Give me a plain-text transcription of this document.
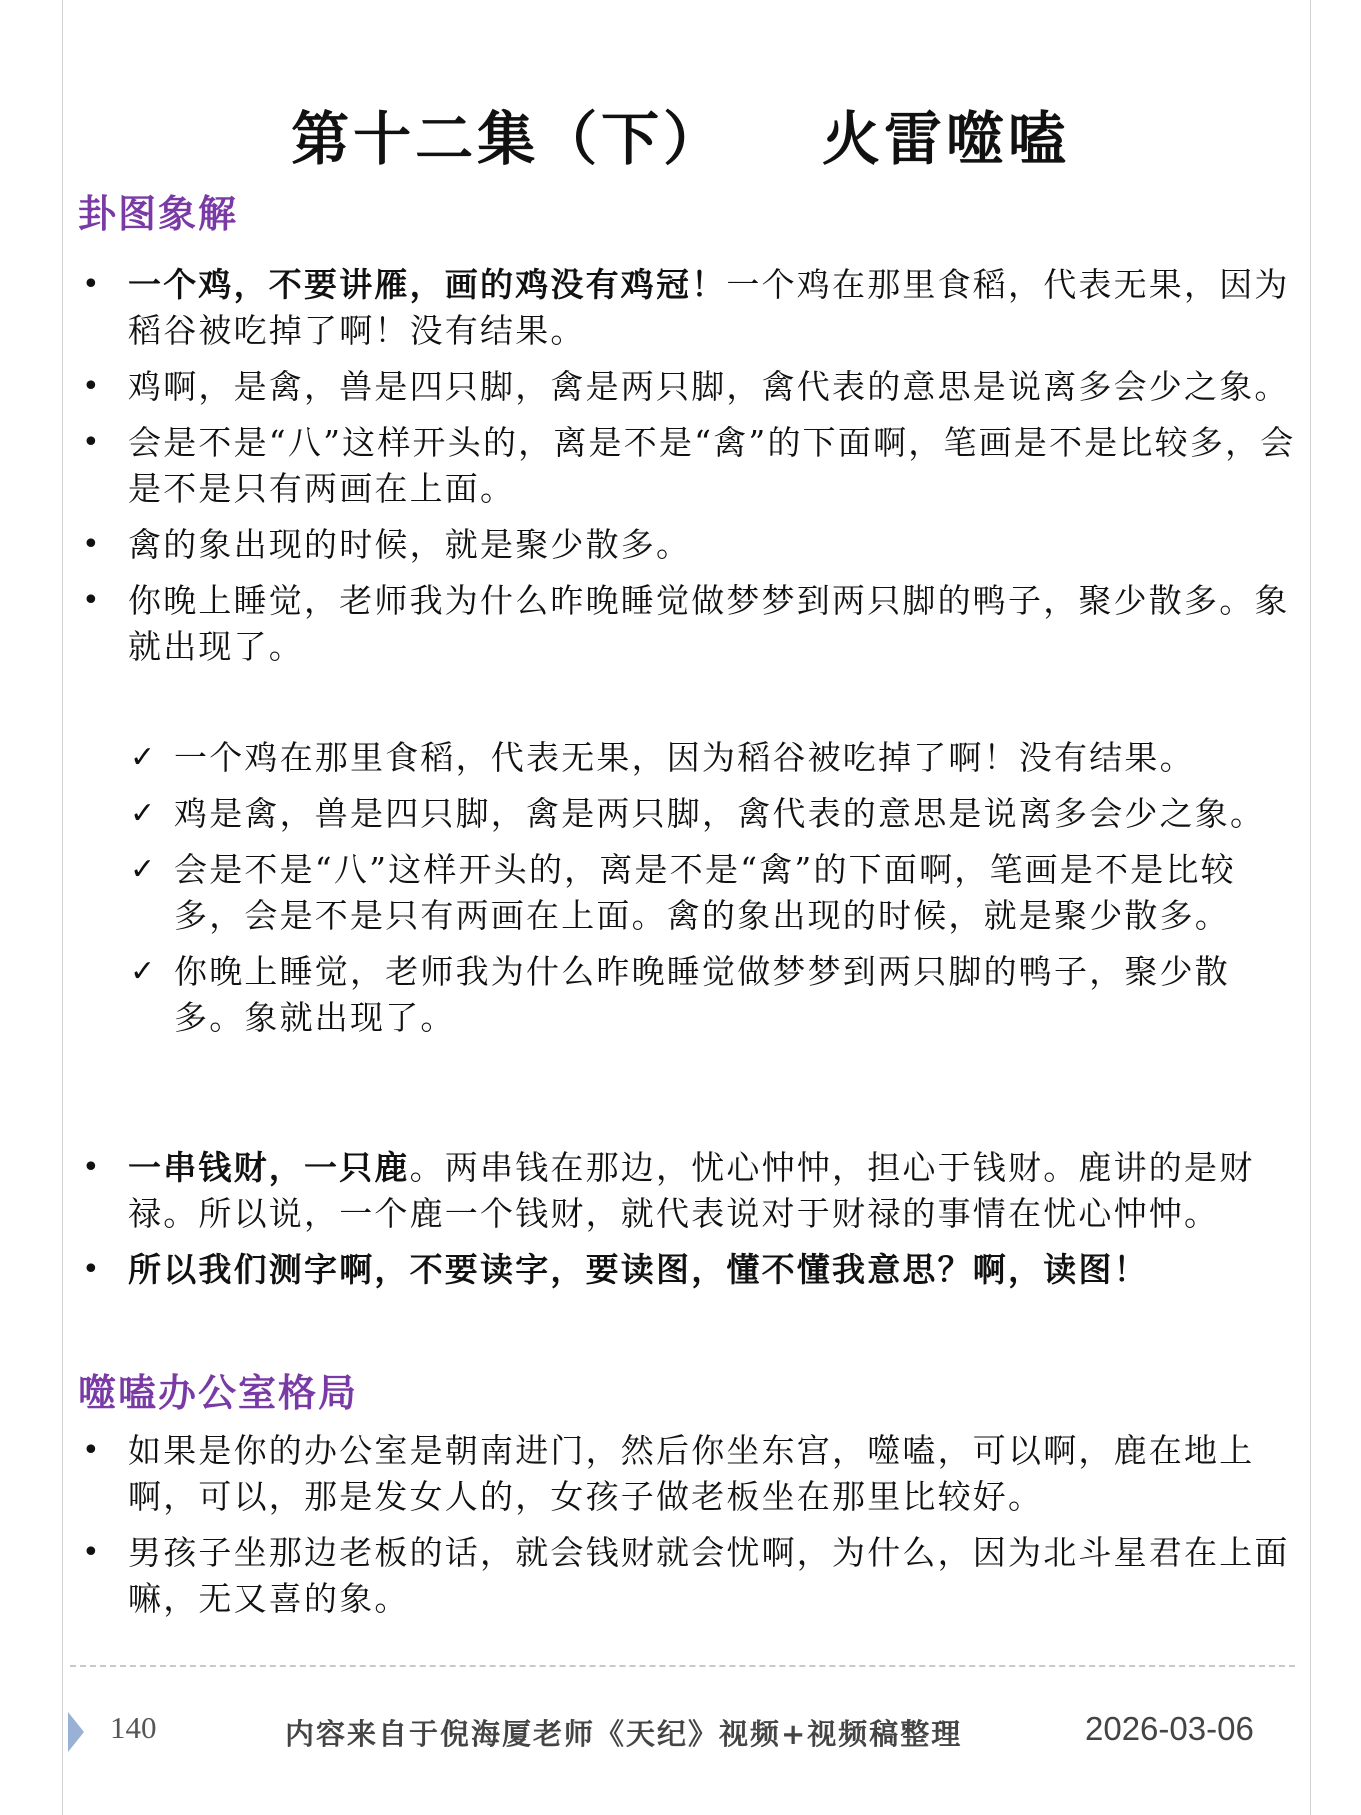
第十二集（下）    火雷噬嗑
卦图象解
• 一个鸡，不要讲雁，画的鸡没有鸡冠！一个鸡在那里食稻，代表无果，因为稻谷被吃掉了啊！没有结果。
• 鸡啊，是禽，兽是四只脚，禽是两只脚，禽代表的意思是说离多会少之象。
• 会是不是“八”这样开头的，离是不是“禽”的下面啊，笔画是不是比较多，会是不是只有两画在上面。
• 禽的象出现的时候，就是聚少散多。
• 你晚上睡觉，老师我为什么昨晚睡觉做梦梦到两只脚的鸭子，聚少散多。象就出现了。
✓ 一个鸡在那里食稻，代表无果，因为稻谷被吃掉了啊！没有结果。
✓ 鸡是禽，兽是四只脚，禽是两只脚，禽代表的意思是说离多会少之象。
✓ 会是不是“八”这样开头的，离是不是“禽”的下面啊，笔画是不是比较多，会是不是只有两画在上面。禽的象出现的时候，就是聚少散多。
✓ 你晚上睡觉，老师我为什么昨晚睡觉做梦梦到两只脚的鸭子，聚少散多。象就出现了。
• 一串钱财，一只鹿。两串钱在那边，忧心忡忡，担心于钱财。鹿讲的是财禄。所以说，一个鹿一个钱财，就代表说对于财禄的事情在忧心忡忡。
• 所以我们测字啊，不要读字，要读图，懂不懂我意思？啊，读图！
噬嗑办公室格局
• 如果是你的办公室是朝南进门，然后你坐东宫，噬嗑，可以啊，鹿在地上啊，可以，那是发女人的，女孩子做老板坐在那里比较好。
• 男孩子坐那边老板的话，就会钱财就会忧啊，为什么，因为北斗星君在上面嘛，无又喜的象。
140	内容来自于倪海厦老师《天纪》视频+视频稿整理	2026-03-06
